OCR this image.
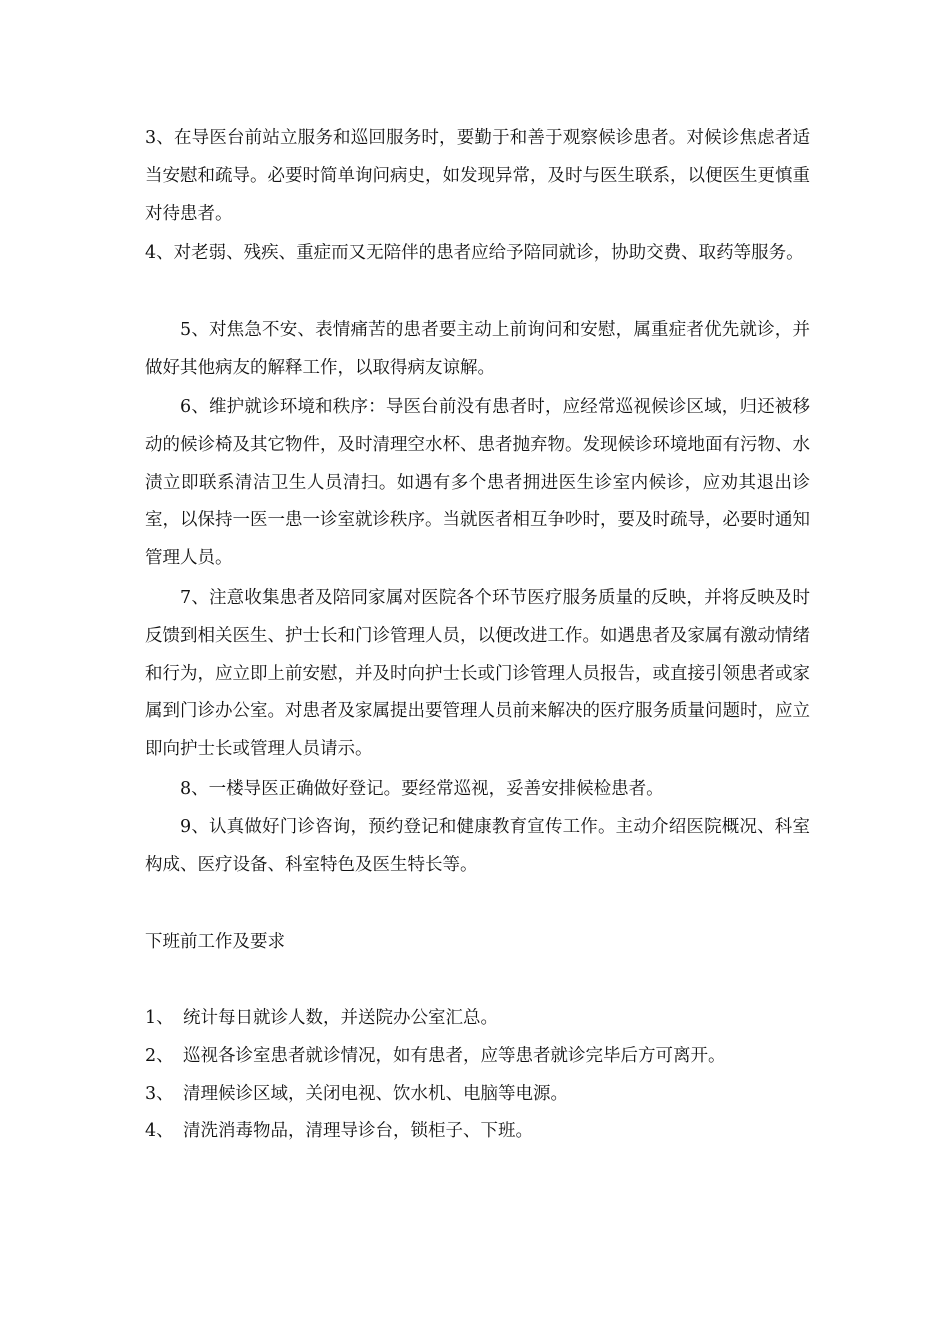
3、在导医台前站立服务和巡回服务时，要勤于和善于观察候诊患者。对候诊焦虑者适当安慰和疏导。必要时简单询问病史，如发现异常，及时与医生联系，以便医生更慎重对待患者。

4、对老弱、残疾、重症而又无陪伴的患者应给予陪同就诊，协助交费、取药等服务。

5、对焦急不安、表情痛苦的患者要主动上前询问和安慰，属重症者优先就诊，并做好其他病友的解释工作，以取得病友谅解。

6、维护就诊环境和秩序：导医台前没有患者时，应经常巡视候诊区域，归还被移动的候诊椅及其它物件，及时清理空水杯、患者抛弃物。发现候诊环境地面有污物、水渍立即联系清洁卫生人员清扫。如遇有多个患者拥进医生诊室内候诊，应劝其退出诊室，以保持一医一患一诊室就诊秩序。当就医者相互争吵时，要及时疏导，必要时通知管理人员。

7、注意收集患者及陪同家属对医院各个环节医疗服务质量的反映，并将反映及时反馈到相关医生、护士长和门诊管理人员，以便改进工作。如遇患者及家属有激动情绪和行为，应立即上前安慰，并及时向护士长或门诊管理人员报告，或直接引领患者或家属到门诊办公室。对患者及家属提出要管理人员前来解决的医疗服务质量问题时，应立即向护士长或管理人员请示。

8、一楼导医正确做好登记。要经常巡视，妥善安排候检患者。

9、认真做好门诊咨询，预约登记和健康教育宣传工作。主动介绍医院概况、科室构成、医疗设备、科室特色及医生特长等。

下班前工作及要求
1、 统计每日就诊人数，并送院办公室汇总。
2、 巡视各诊室患者就诊情况，如有患者，应等患者就诊完毕后方可离开。
3、 清理候诊区域，关闭电视、饮水机、电脑等电源。
4、 清洗消毒物品，清理导诊台，锁柜子、下班。
